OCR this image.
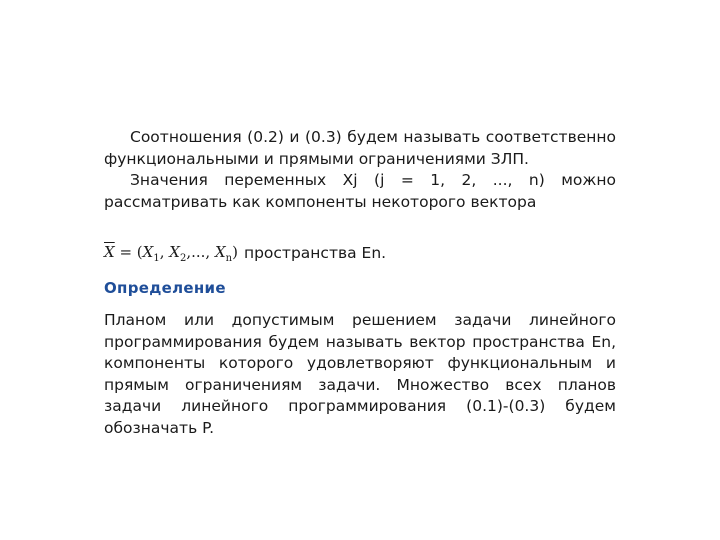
Соотношения (0.2) и (0.3) будем называть соответственно функциональными и прямыми ограничениями ЗЛП.

Значения переменных Xj (j = 1, 2, ..., n) можно рассматривать как компоненты некоторого вектора

$\overline{X} = (X_1$, $X_2$,..., $X_n$) пространства En.
Определение

Планом или допустимым решением задачи линейного программирования будем называть вектор пространства En, компоненты которого удовлетворяют функциональным и прямым ограничениям задачи. Множество всех планов задачи линейного программирования (0.1)-(0.3) будем обозначать P.
